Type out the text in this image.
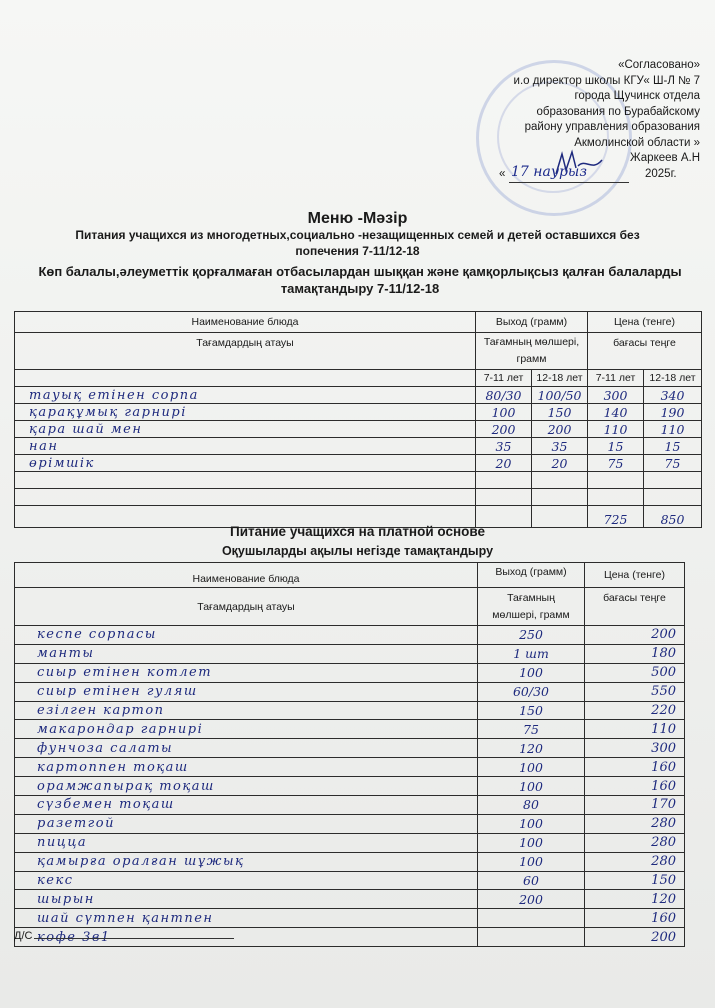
«Согласовано»
и.о директор школы КГУ« Ш-Л № 7
города Щучинск отдела
образования по Бурабайскому
району управления образования
Акмолинской области »
Жаркеев А.Н
« 17 наурыз	2025г.
Меню -Мәзір
Питания учащихся из многодетных,социально -незащищенных семей и детей оставшихся без попечения 7-11/12-18
Көп балалы,әлеуметтік қорғалмаған отбасылардан шыққан және қамқорлықсыз қалған балаларды тамақтандыру 7-11/12-18
Наименование блюда	Выход (грамм)		Цена (тенге)	
Тағамдардың атауы	Тағамның мөлшері, грамм		бағасы теңге	
	7-11 лет	12-18 лет	7-11 лет	12-18 лет
тауық етінен сорпа	80/30	100/50	300	340
қарақұмық гарнирі	100	150	140	190
қара шай мен	200	200	110	110
нан	35	35	15	15
өрімшік	20	20	75	75

			725	850
Питание учащихся на платной основе
Оқушыларды ақылы негізде тамақтандыру
Наименование блюда	Выход (грамм)	Цена (тенге)
Тағамдардың атауы	Тағамның мөлшері, грамм	бағасы теңге
кеспе сорпасы	250	200
манты	1 шт	180
сиыр етінен котлет	100	500
сиыр етінен гуляш	60/30	550
езілген картоп	150	220
макарондар гарнирі	75	110
фунчоза салаты	120	300
картоппен тоқаш	100	160
орамжапырақ тоқаш	100	160
сүзбемен тоқаш	80	170
разетгой	100	280
пицца	100	280
қамырға оралған шұжық	100	280
кекс	60	150
шырын	200	120
шай сүтпен қантпен		160
кофе 3в1		200
Д/С
